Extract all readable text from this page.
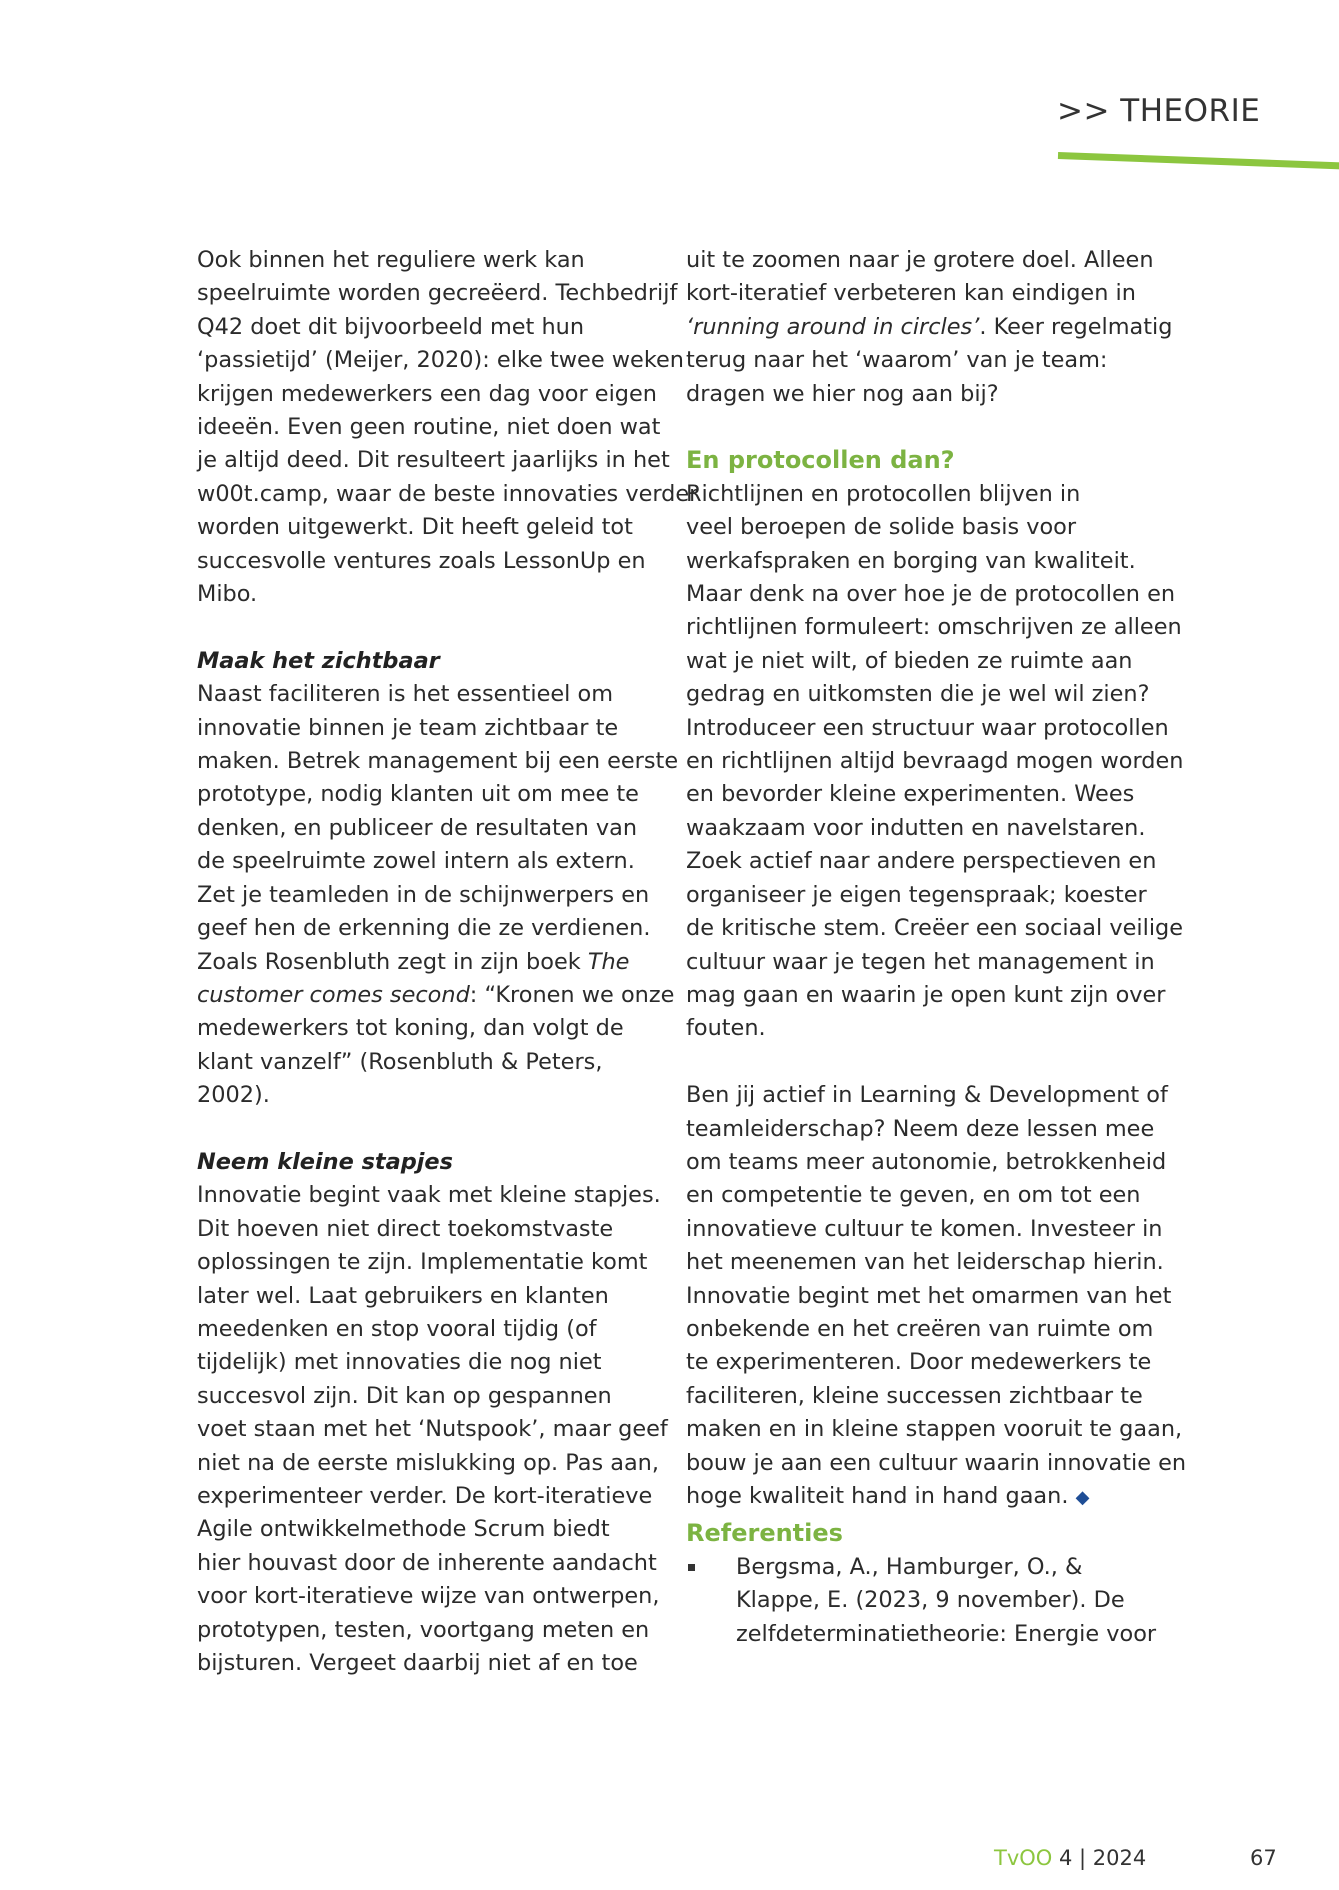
>> THEORIE

Ook binnen het reguliere werk kan
speelruimte worden gecreëerd. Techbedrijf
Q42 doet dit bijvoorbeeld met hun
‘passietijd’ (Meijer, 2020): elke twee weken
krijgen medewerkers een dag voor eigen
ideeën. Even geen routine, niet doen wat
je altijd deed. Dit resulteert jaarlijks in het
w00t.camp, waar de beste innovaties verder
worden uitgewerkt. Dit heeft geleid tot
succesvolle ventures zoals LessonUp en
Mibo.

Maak het zichtbaar

Naast faciliteren is het essentieel om
innovatie binnen je team zichtbaar te
maken. Betrek management bij een eerste
prototype, nodig klanten uit om mee te
denken, en publiceer de resultaten van
de speelruimte zowel intern als extern.
Zet je teamleden in de schijnwerpers en
geef hen de erkenning die ze verdienen.
Zoals Rosenbluth zegt in zijn boek The
customer comes second: “Kronen we onze
medewerkers tot koning, dan volgt de
klant vanzelf” (Rosenbluth & Peters,
2002).

Neem kleine stapjes

Innovatie begint vaak met kleine stapjes.
Dit hoeven niet direct toekomstvaste
oplossingen te zijn. Implementatie komt
later wel. Laat gebruikers en klanten
meedenken en stop vooral tijdig (of
tijdelijk) met innovaties die nog niet
succesvol zijn. Dit kan op gespannen
voet staan met het ‘Nutspook’, maar geef
niet na de eerste mislukking op. Pas aan,
experimenteer verder. De kort-iteratieve
Agile ontwikkelmethode Scrum biedt
hier houvast door de inherente aandacht
voor kort-iteratieve wijze van ontwerpen,
prototypen, testen, voortgang meten en
bijsturen. Vergeet daarbij niet af en toe

uit te zoomen naar je grotere doel. Alleen
kort-iteratief verbeteren kan eindigen in
‘running around in circles’. Keer regelmatig
terug naar het ‘waarom’ van je team:
dragen we hier nog aan bij?

En protocollen dan?

Richtlijnen en protocollen blijven in
veel beroepen de solide basis voor
werkafspraken en borging van kwaliteit.
Maar denk na over hoe je de protocollen en
richtlijnen formuleert: omschrijven ze alleen
wat je niet wilt, of bieden ze ruimte aan
gedrag en uitkomsten die je wel wil zien?
Introduceer een structuur waar protocollen
en richtlijnen altijd bevraagd mogen worden
en bevorder kleine experimenten. Wees
waakzaam voor indutten en navelstaren.
Zoek actief naar andere perspectieven en
organiseer je eigen tegenspraak; koester
de kritische stem. Creëer een sociaal veilige
cultuur waar je tegen het management in
mag gaan en waarin je open kunt zijn over
fouten.

Ben jij actief in Learning & Development of
teamleiderschap? Neem deze lessen mee
om teams meer autonomie, betrokkenheid
en competentie te geven, en om tot een
innovatieve cultuur te komen. Investeer in
het meenemen van het leiderschap hierin.
Innovatie begint met het omarmen van het
onbekende en het creëren van ruimte om
te experimenteren. Door medewerkers te
faciliteren, kleine successen zichtbaar te
maken en in kleine stappen vooruit te gaan,
bouw je aan een cultuur waarin innovatie en
hoge kwaliteit hand in hand gaan. ◆

Referenties
Bergsma, A., Hamburger, O., &
Klappe, E. (2023, 9 november). De
zelfdeterminatietheorie: Energie voor
TvOO 4 | 2024	67
